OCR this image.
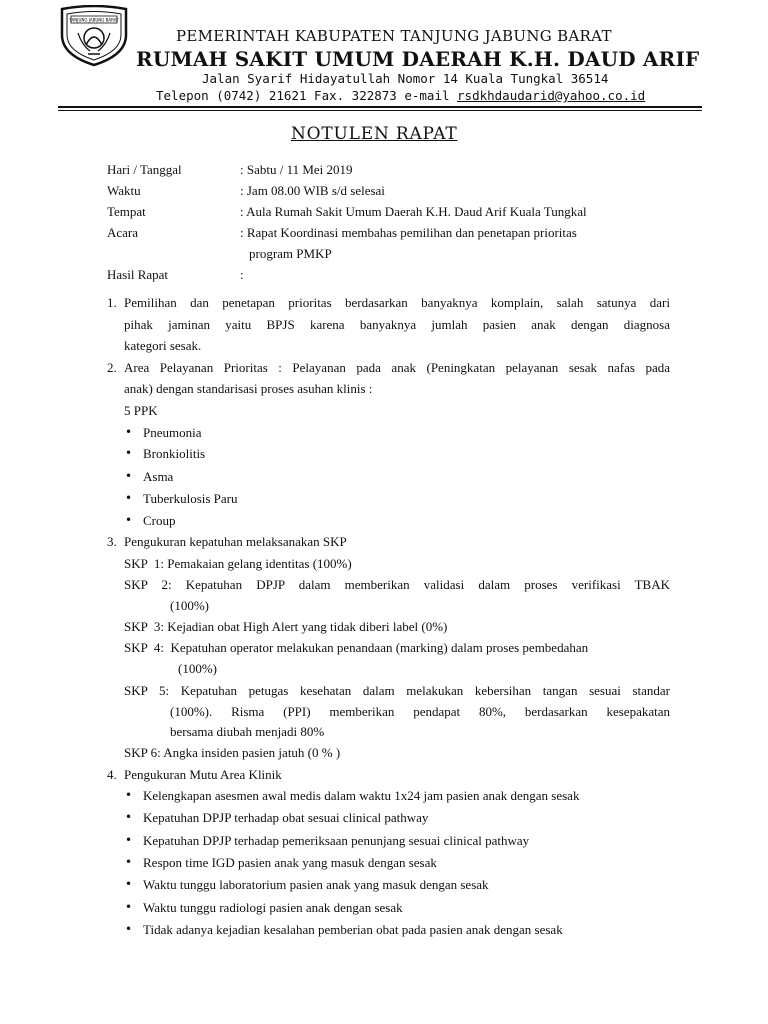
TANJUNG JABUNG BARAT
PEMERINTAH KABUPATEN TANJUNG JABUNG BARAT
RUMAH SAKIT UMUM DAERAH K.H. DAUD ARIF
Jalan Syarif Hidayatullah Nomor 14 Kuala Tungkal 36514
Telepon (0742) 21621 Fax. 322873 e-mail rsdkhdaudarid@yahoo.co.id
NOTULEN RAPAT
Hari / Tanggal	: Sabtu / 11 Mei 2019
Waktu	: Jam 08.00 WIB s/d selesai
Tempat	: Aula Rumah Sakit Umum Daerah K.H. Daud Arif Kuala Tungkal
Acara	: Rapat Koordinasi membahas pemilihan dan penetapan prioritas
program PMKP
Hasil Rapat	:
1. Pemilihan dan penetapan prioritas berdasarkan banyaknya komplain, salah satunya dari
pihak jaminan yaitu BPJS karena banyaknya jumlah pasien anak dengan diagnosa
kategori sesak.
2. Area Pelayanan Prioritas : Pelayanan pada anak (Peningkatan pelayanan sesak nafas pada
anak) dengan standarisasi proses asuhan klinis :
5 PPK
• Pneumonia
• Bronkiolitis
• Asma
• Tuberkulosis Paru
• Croup
3. Pengukuran kepatuhan melaksanakan SKP
SKP  1: Pemakaian gelang identitas (100%)
SKP 2: Kepatuhan DPJP dalam memberikan validasi dalam proses verifikasi TBAK
(100%)
SKP  3: Kejadian obat High Alert yang tidak diberi label (0%)
SKP  4:  Kepatuhan operator melakukan penandaan (marking) dalam proses pembedahan
(100%)
SKP 5: Kepatuhan petugas kesehatan dalam melakukan kebersihan tangan sesuai standar
(100%). Risma (PPI) memberikan pendapat 80%, berdasarkan kesepakatan
bersama diubah menjadi 80%
SKP 6: Angka insiden pasien jatuh (0 % )
4. Pengukuran Mutu Area Klinik
• Kelengkapan asesmen awal medis dalam waktu 1x24 jam pasien anak dengan sesak
• Kepatuhan DPJP terhadap obat sesuai clinical pathway
• Kepatuhan DPJP terhadap pemeriksaan penunjang sesuai clinical pathway
• Respon time IGD pasien anak yang masuk dengan sesak
• Waktu tunggu laboratorium pasien anak yang masuk dengan sesak
• Waktu tunggu radiologi pasien anak dengan sesak
• Tidak adanya kejadian kesalahan pemberian obat pada pasien anak dengan sesak
